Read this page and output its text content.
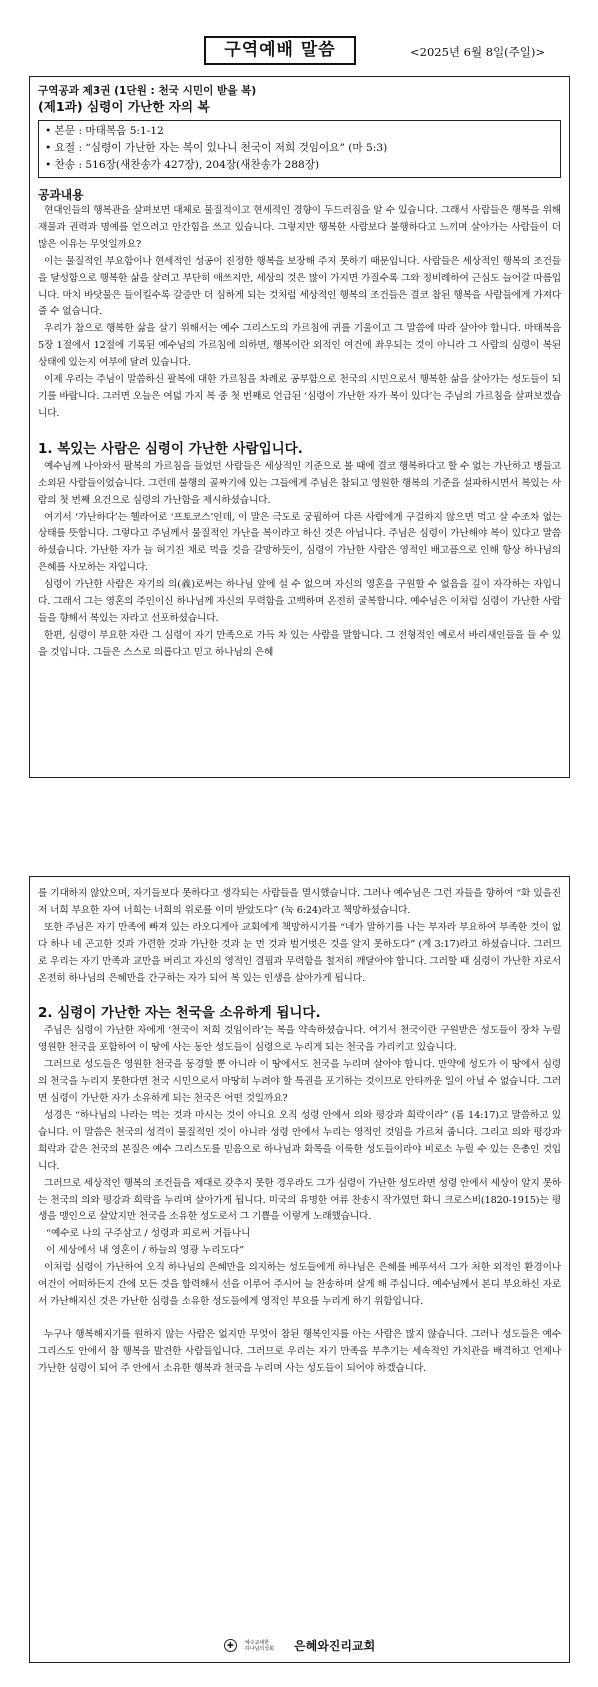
구역예배 말씀	<2025년 6월 8일(주일)>
구역공과 제3권 (1단원 : 천국 시민이 받을 복)
(제1과) 심령이 가난한 자의 복
• 본문 : 마태복음 5:1-12
• 요절 : “심령이 가난한 자는 복이 있나니 천국이 저희 것임이요” (마 5:3)
• 찬송 : 516장(새찬송가 427장), 204장(새찬송가 288장)
공과내용

현대인들의 행복관을 살펴보면 대체로 물질적이고 현세적인 경향이 두드러짐을 알 수 있습니다. 그래서 사람들은 행복을 위해 재물과 권력과 명예를 얻으려고 안간힘을 쓰고 있습니다. 그렇지만 행복한 사람보다 불행하다고 느끼며 살아가는 사람들이 더 많은 이유는 무엇일까요?

이는 물질적인 부요함이나 현세적인 성공이 진정한 행복을 보장해 주지 못하기 때문입니다. 사람들은 세상적인 행복의 조건들을 달성함으로 행복한 삶을 살려고 부단히 애쓰지만, 세상의 것은 많이 가지면 가질수록 그와 정비례하여 근심도 늘어갈 따름입니다. 마치 바닷물은 들이킬수록 갈증만 더 심하게 되는 것처럼 세상적인 행복의 조건들은 결코 참된 행복을 사람들에게 가져다줄 수 없습니다.

우리가 참으로 행복한 삶을 살기 위해서는 예수 그리스도의 가르침에 귀를 기울이고 그 말씀에 따라 살아야 합니다. 마태복음 5장 1절에서 12절에 기록된 예수님의 가르침에 의하면, 행복이란 외적인 여건에 좌우되는 것이 아니라 그 사람의 심령이 복된 상태에 있는지 여부에 달려 있습니다.

이제 우리는 주님이 말씀하신 팔복에 대한 가르침을 차례로 공부함으로 천국의 시민으로서 행복한 삶을 살아가는 성도들이 되기를 바랍니다. 그러면 오늘은 여덟 가지 복 중 첫 번째로 언급된 ‘심령이 가난한 자가 복이 있다’는 주님의 가르침을 살펴보겠습니다.

1. 복있는 사람은 심령이 가난한 사람입니다.

예수님께 나아와서 팔복의 가르침을 들었던 사람들은 세상적인 기준으로 볼 때에 결코 행복하다고 할 수 없는 가난하고 병들고 소외된 사람들이었습니다. 그런데 불행의 골짜기에 있는 그들에게 주님은 참되고 영원한 행복의 기준을 설파하시면서 복있는 사람의 첫 번째 요건으로 심령의 가난함을 제시하셨습니다.

여기서 ‘가난하다’는 헬라어로 ‘프토코스’인데, 이 말은 극도로 궁핍하여 다른 사람에게 구걸하지 않으면 먹고 살 수조차 없는 상태를 뜻합니다. 그렇다고 주님께서 물질적인 가난을 복이라고 하신 것은 아닙니다. 주님은 심령이 가난해야 복이 있다고 말씀하셨습니다. 가난한 자가 늘 허기진 채로 먹을 것을 갈망하듯이, 심령이 가난한 사람은 영적인 배고픔으로 인해 항상 하나님의 은혜를 사모하는 자입니다.

심령이 가난한 사람은 자기의 의(義)로써는 하나님 앞에 설 수 없으며 자신의 영혼을 구원할 수 없음을 깊이 자각하는 자입니다. 그래서 그는 영혼의 주인이신 하나님께 자신의 무력함을 고백하며 온전히 굴복합니다. 예수님은 이처럼 심령이 가난한 사람들을 향해서 복있는 자라고 선포하셨습니다.

한편, 심령이 부요한 자란 그 심령이 자기 만족으로 가득 차 있는 사람을 말합니다. 그 전형적인 예로서 바리새인들을 들 수 있을 것입니다. 그들은 스스로 의롭다고 믿고 하나님의 은혜

를 기대하지 않았으며, 자기들보다 못하다고 생각되는 사람들을 멸시했습니다. 그러나 예수님은 그런 자들을 향하여 “화 있을진저 너희 부요한 자여 너희는 너희의 위로를 이미 받았도다” (눅 6:24)라고 책망하셨습니다.

또한 주님은 자기 만족에 빠져 있는 라오디게아 교회에게 책망하시기를 “네가 말하기를 나는 부자라 부요하여 부족한 것이 없다 하나 네 곤고한 것과 가련한 것과 가난한 것과 눈 먼 것과 벌거벗은 것을 알지 못하도다” (계 3:17)라고 하셨습니다. 그러므로 우리는 자기 만족과 교만을 버리고 자신의 영적인 결핍과 무력함을 철저히 깨달아야 합니다. 그러할 때 심령이 가난한 자로서 온전히 하나님의 은혜만을 간구하는 자가 되어 복 있는 인생을 살아가게 됩니다.

2. 심령이 가난한 자는 천국을 소유하게 됩니다.

주님은 심령이 가난한 자에게 ‘천국이 저희 것임이라’는 복을 약속하셨습니다. 여기서 천국이란 구원받은 성도들이 장차 누릴 영원한 천국을 포함하여 이 땅에 사는 동안 성도들이 심령으로 누리게 되는 천국을 가리키고 있습니다.

그러므로 성도들은 영원한 천국을 동경할 뿐 아니라 이 땅에서도 천국을 누리며 살아야 합니다. 만약에 성도가 이 땅에서 심령의 천국을 누리지 못한다면 천국 시민으로서 마땅히 누려야 할 특권을 포기하는 것이므로 안타까운 일이 아닐 수 없습니다. 그러면 심령이 가난한 자가 소유하게 되는 천국은 어떤 것일까요?

성경은 “하나님의 나라는 먹는 것과 마시는 것이 아니요 오직 성령 안에서 의와 평강과 희락이라” (롬 14:17)고 말씀하고 있습니다. 이 말씀은 천국의 성격이 물질적인 것이 아니라 성령 안에서 누리는 영적인 것임을 가르쳐 줍니다. 그리고 의와 평강과 희락과 같은 천국의 본질은 예수 그리스도를 믿음으로 하나님과 화목을 이룩한 성도들이라야 비로소 누릴 수 있는 은총인 것입니다.

그러므로 세상적인 행복의 조건들을 제대로 갖추지 못한 경우라도 그가 심령이 가난한 성도라면 성령 안에서 세상이 알지 못하는 천국의 의와 평강과 희락을 누리며 살아가게 됩니다. 미국의 유명한 여류 찬송시 작가였던 화니 크로스비(1820-1915)는 평생을 맹인으로 살았지만 천국을 소유한 성도로서 그 기쁨을 이렇게 노래했습니다.

“예수로 나의 구주삼고 / 성령과 피로써 거듭나니
이 세상에서 내 영혼이 / 하늘의 영광 누리도다”

이처럼 심령이 가난하여 오직 하나님의 은혜만을 의지하는 성도들에게 하나님은 은혜를 베푸셔서 그가 처한 외적인 환경이나 여건이 어떠하든지 간에 모든 것을 합력해서 선을 이루어 주시어 늘 찬송하며 살게 해 주십니다. 예수님께서 본디 부요하신 자로서 가난해지신 것은 가난한 심령을 소유한 성도들에게 영적인 부요를 누리게 하기 위함입니다.

누구나 행복해지기를 원하지 않는 사람은 없지만 무엇이 참된 행복인지를 아는 사람은 많지 않습니다. 그러나 성도들은 예수 그리스도 안에서 참 행복을 발견한 사람들입니다. 그러므로 우리는 자기 만족을 부추기는 세속적인 가치관을 배격하고 언제나 가난한 심령이 되어 주 안에서 소유한 행복과 천국을 누리며 사는 성도들이 되어야 하겠습니다.

✚ 예수교대한
하나님의성회 은혜와진리교회
